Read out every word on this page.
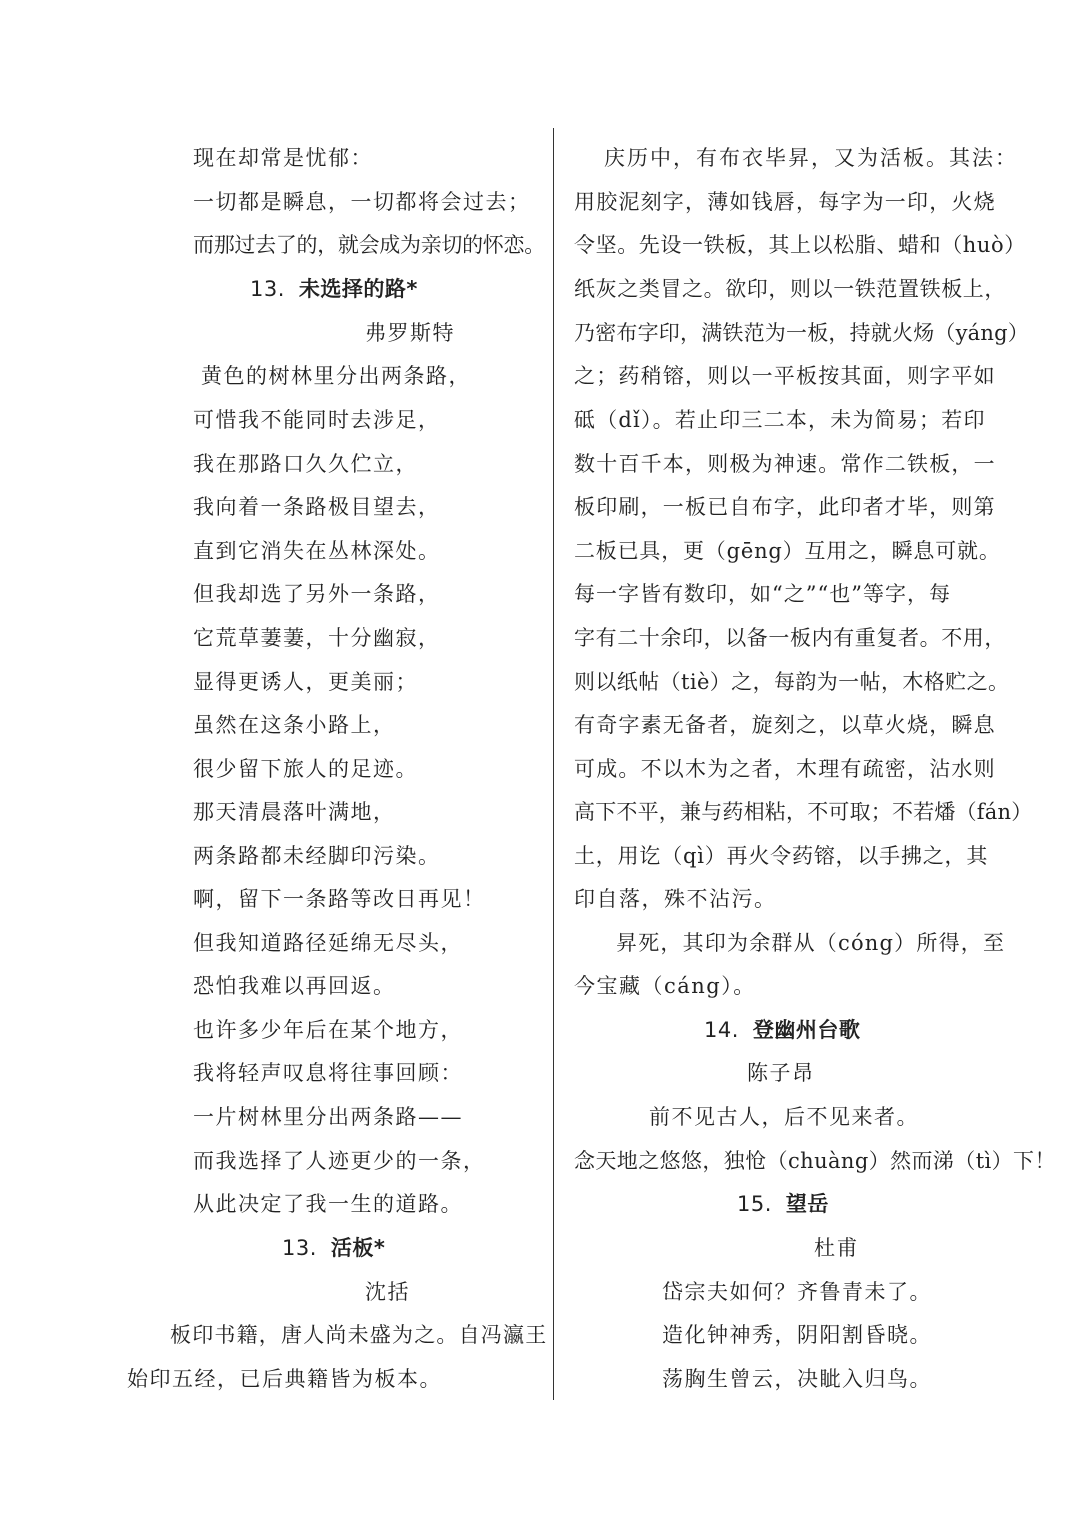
现在却常是忧郁：
一切都是瞬息，一切都将会过去；
而那过去了的，就会成为亲切的怀恋。
13. 未选择的路*
弗罗斯特
黄色的树林里分出两条路，
可惜我不能同时去涉足，
我在那路口久久伫立，
我向着一条路极目望去，
直到它消失在丛林深处。
但我却选了另外一条路，
它荒草萋萋，十分幽寂，
显得更诱人，更美丽；
虽然在这条小路上，
很少留下旅人的足迹。
那天清晨落叶满地，
两条路都未经脚印污染。
啊，留下一条路等改日再见！
但我知道路径延绵无尽头，
恐怕我难以再回返。
也许多少年后在某个地方，
我将轻声叹息将往事回顾：
一片树林里分出两条路——
而我选择了人迹更少的一条，
从此决定了我一生的道路。
13. 活板*
沈括
板印书籍，唐人尚未盛为之。自冯瀛王
始印五经，已后典籍皆为板本。
庆历中，有布衣毕昇，又为活板。其法：
用胶泥刻字，薄如钱唇，每字为一印，火烧
令坚。先设一铁板，其上以松脂、蜡和（huò）
纸灰之类冒之。欲印，则以一铁范置铁板上，
乃密布字印，满铁范为一板，持就火炀（yáng）
之；药稍镕，则以一平板按其面，则字平如
砥（dǐ）。若止印三二本，未为简易；若印
数十百千本，则极为神速。常作二铁板，一
板印刷，一板已自布字，此印者才毕，则第
二板已具，更（gēng）互用之，瞬息可就。
每一字皆有数印，如“之”“也”等字，每
字有二十余印，以备一板内有重复者。不用，
则以纸帖（tiè）之，每韵为一帖，木格贮之。
有奇字素无备者，旋刻之，以草火烧，瞬息
可成。不以木为之者，木理有疏密，沾水则
高下不平，兼与药相粘，不可取；不若燔（fán）
土，用讫（qì）再火令药镕，以手拂之，其
印自落，殊不沾污。
昇死，其印为余群从（cóng）所得，至
今宝藏（cáng）。
14. 登幽州台歌
陈子昂
前不见古人，后不见来者。
念天地之悠悠，独怆（chuàng）然而涕（tì）下！
15. 望岳
杜甫
岱宗夫如何？齐鲁青未了。
造化钟神秀，阴阳割昏晓。
荡胸生曾云，决眦入归鸟。
